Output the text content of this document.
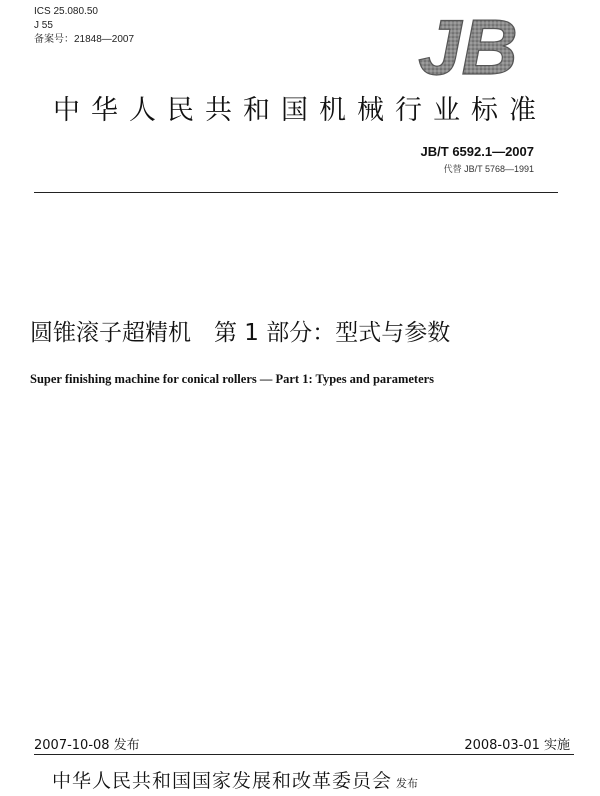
ICS 25.080.50
J 55
备案号：21848—2007	JB
中华人民共和国机械行业标准
JB/T 6592.1—2007
代替 JB/T 5768—1991
圆锥滚子超精机　第 1 部分：型式与参数
Super finishing machine for conical rollers — Part 1: Types and parameters
2007-10-08 发布	2008-03-01 实施
中华人民共和国国家发展和改革委员会 发布
